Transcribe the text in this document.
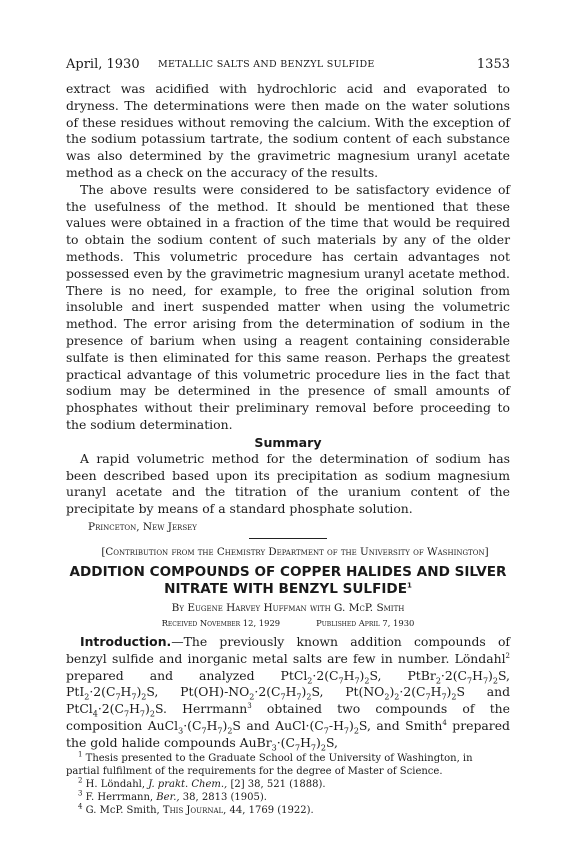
April, 1930 METALLIC SALTS AND BENZYL SULFIDE	1353

extract was acidified with hydrochloric acid and evaporated to dryness. The determinations were then made on the water solutions of these residues without removing the calcium. With the exception of the sodium potassium tartrate, the sodium content of each substance was also determined by the gravimetric magnesium uranyl acetate method as a check on the accuracy of the results.

The above results were considered to be satisfactory evidence of the usefulness of the method. It should be mentioned that these values were obtained in a fraction of the time that would be required to obtain the sodium content of such materials by any of the older methods. This volumetric procedure has certain advantages not possessed even by the gravimetric magnesium uranyl acetate method. There is no need, for example, to free the original solution from insoluble and inert suspended matter when using the volumetric method. The error arising from the determination of sodium in the presence of barium when using a reagent containing considerable sulfate is then eliminated for this same reason. Perhaps the greatest practical advantage of this volumetric procedure lies in the fact that sodium may be determined in the presence of small amounts of phosphates without their preliminary removal before proceeding to the sodium determination.

Summary

A rapid volumetric method for the determination of sodium has been described based upon its precipitation as sodium magnesium uranyl acetate and the titration of the uranium content of the precipitate by means of a standard phosphate solution.

Princeton, New Jersey

[Contribution from the Chemistry Department of the University of Washington]

ADDITION COMPOUNDS OF COPPER HALIDES AND SILVER
NITRATE WITH BENZYL SULFIDE$^1$

By Eugene Harvey Huffman with G. McP. Smith

Received November 12, 1929	Published April 7, 1930

Introduction.—The previously known addition compounds of benzyl sulfide and inorganic metal salts are few in number. Löndahl$^2$ prepared and analyzed $PtCl_2\cdot 2(C_7H_7)_2S$, $PtBr_2\cdot 2(C_7H_7)_2S$, $PtI_2\cdot 2(C_7H_7)_2S$, $Pt(OH)-NO_2\cdot 2(C_7H_7)_2S$, $Pt(NO_2)_2\cdot 2(C_7H_7)_2S$ and $PtCl_4\cdot 2(C_7H_7)_2S$. Herrmann$^3$ obtained two compounds of the composition $AuCl_3\cdot(C_7H_7)_2S$ and $AuCl\cdot(C_7-H_7)_2S$, and Smith$^4$ prepared the gold halide compounds $AuBr_3\cdot(C_7H_7)_2S$,

$^1$ Thesis presented to the Graduate School of the University of Washington, in

partial fulfilment of the requirements for the degree of Master of Science.

$^2$ H. Löndahl, J. prakt. Chem., [2] 38, 521 (1888).

$^3$ F. Herrmann, Ber., 38, 2813 (1905).

$^4$ G. McP. Smith, This Journal, 44, 1769 (1922).
